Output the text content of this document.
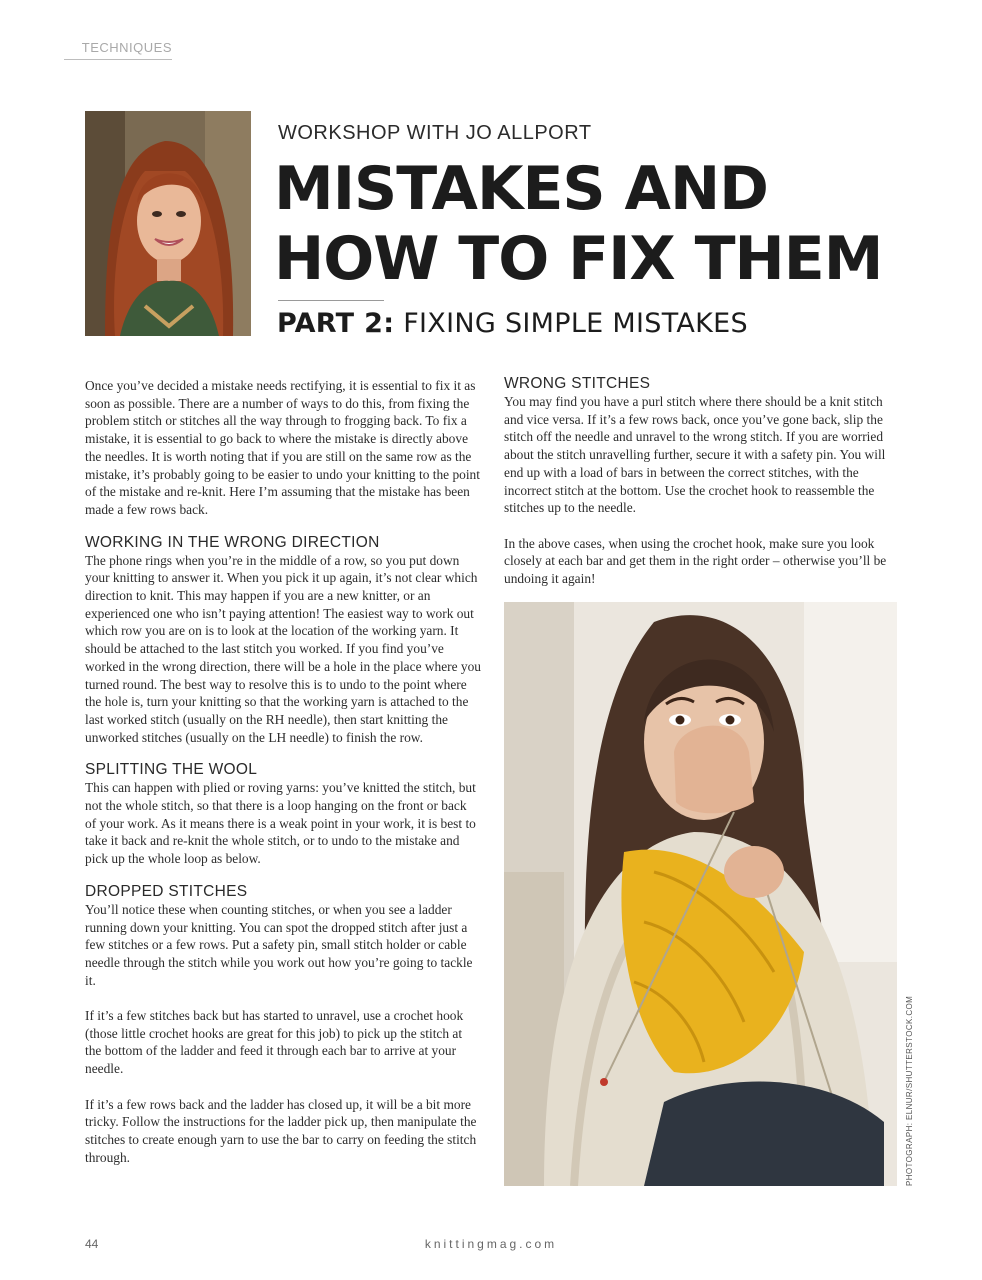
TECHNIQUES
WORKSHOP WITH JO ALLPORT
MISTAKES AND HOW TO FIX THEM
PART 2: FIXING SIMPLE MISTAKES

Once you’ve decided a mistake needs rectifying, it is essential to fix it as soon as possible. There are a number of ways to do this, from fixing the problem stitch or stitches all the way through to frogging back. To fix a mistake, it is essential to go back to where the mistake is directly above the needles. It is worth noting that if you are still on the same row as the mistake, it’s probably going to be easier to undo your knitting to the point of the mistake and re-knit. Here I’m assuming that the mistake has been made a few rows back.

WORKING IN THE WRONG DIRECTION

The phone rings when you’re in the middle of a row, so you put down your knitting to answer it. When you pick it up again, it’s not clear which direction to knit. This may happen if you are a new knitter, or an experienced one who isn’t paying attention! The easiest way to work out which row you are on is to look at the location of the working yarn. It should be attached to the last stitch you worked. If you find you’ve worked in the wrong direction, there will be a hole in the place where you turned round. The best way to resolve this is to undo to the point where the hole is, turn your knitting so that the working yarn is attached to the last worked stitch (usually on the RH needle), then start knitting the unworked stitches (usually on the LH needle) to finish the row.

SPLITTING THE WOOL

This can happen with plied or roving yarns: you’ve knitted the stitch, but not the whole stitch, so that there is a loop hanging on the front or back of your work. As it means there is a weak point in your work, it is best to take it back and re-knit the whole stitch, or to undo to the mistake and pick up the whole loop as below.

DROPPED STITCHES

You’ll notice these when counting stitches, or when you see a ladder running down your knitting. You can spot the dropped stitch after just a few stitches or a few rows. Put a safety pin, small stitch holder or cable needle through the stitch while you work out how you’re going to tackle it.

If it’s a few stitches back but has started to unravel, use a crochet hook (those little crochet hooks are great for this job) to pick up the stitch at the bottom of the ladder and feed it through each bar to arrive at your needle.

If it’s a few rows back and the ladder has closed up, it will be a bit more tricky. Follow the instructions for the ladder pick up, then manipulate the stitches to create enough yarn to use the bar to carry on feeding the stitch through.

WRONG STITCHES

You may find you have a purl stitch where there should be a knit stitch and vice versa. If it’s a few rows back, once you’ve gone back, slip the stitch off the needle and unravel to the wrong stitch. If you are worried about the stitch unravelling further, secure it with a safety pin. You will end up with a load of bars in between the correct stitches, with the incorrect stitch at the bottom. Use the crochet hook to reassemble the stitches up to the needle.

In the above cases, when using the crochet hook, make sure you look closely at each bar and get them in the right order – otherwise you’ll be undoing it again!

PHOTOGRAPH: ELNUR/SHUTTERSTOCK.COM
44	knittingmag.com
